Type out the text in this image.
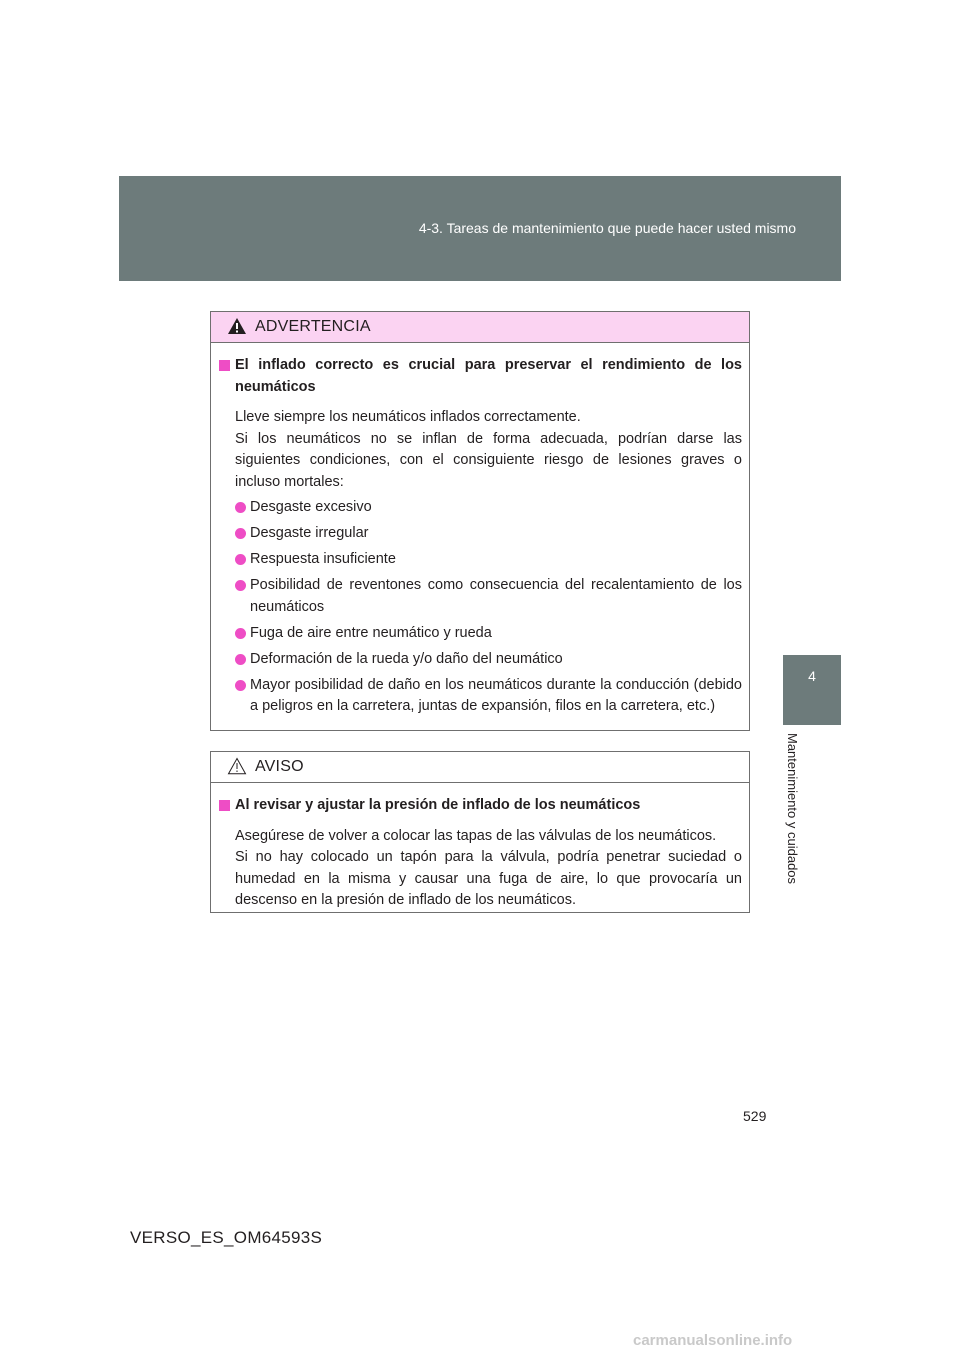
4-3. Tareas de mantenimiento que puede hacer usted mismo
4
Mantenimiento y cuidados
ADVERTENCIA
El inflado correcto es crucial para preservar el rendimiento de los neumáticos
Lleve siempre los neumáticos inflados correctamente.
Si los neumáticos no se inflan de forma adecuada, podrían darse las siguientes condiciones, con el consiguiente riesgo de lesiones graves o incluso mortales:
Desgaste excesivo
Desgaste irregular
Respuesta insuficiente
Posibilidad de reventones como consecuencia del recalentamiento de los neumáticos
Fuga de aire entre neumático y rueda
Deformación de la rueda y/o daño del neumático
Mayor posibilidad de daño en los neumáticos durante la conducción (debido a peligros en la carretera, juntas de expansión, filos en la carretera, etc.)
AVISO
Al revisar y ajustar la presión de inflado de los neumáticos
Asegúrese de volver a colocar las tapas de las válvulas de los neumáticos.
Si no hay colocado un tapón para la válvula, podría penetrar suciedad o humedad en la misma y causar una fuga de aire, lo que provocaría un descenso en la presión de inflado de los neumáticos.
529
VERSO_ES_OM64593S
carmanualsonline.info
